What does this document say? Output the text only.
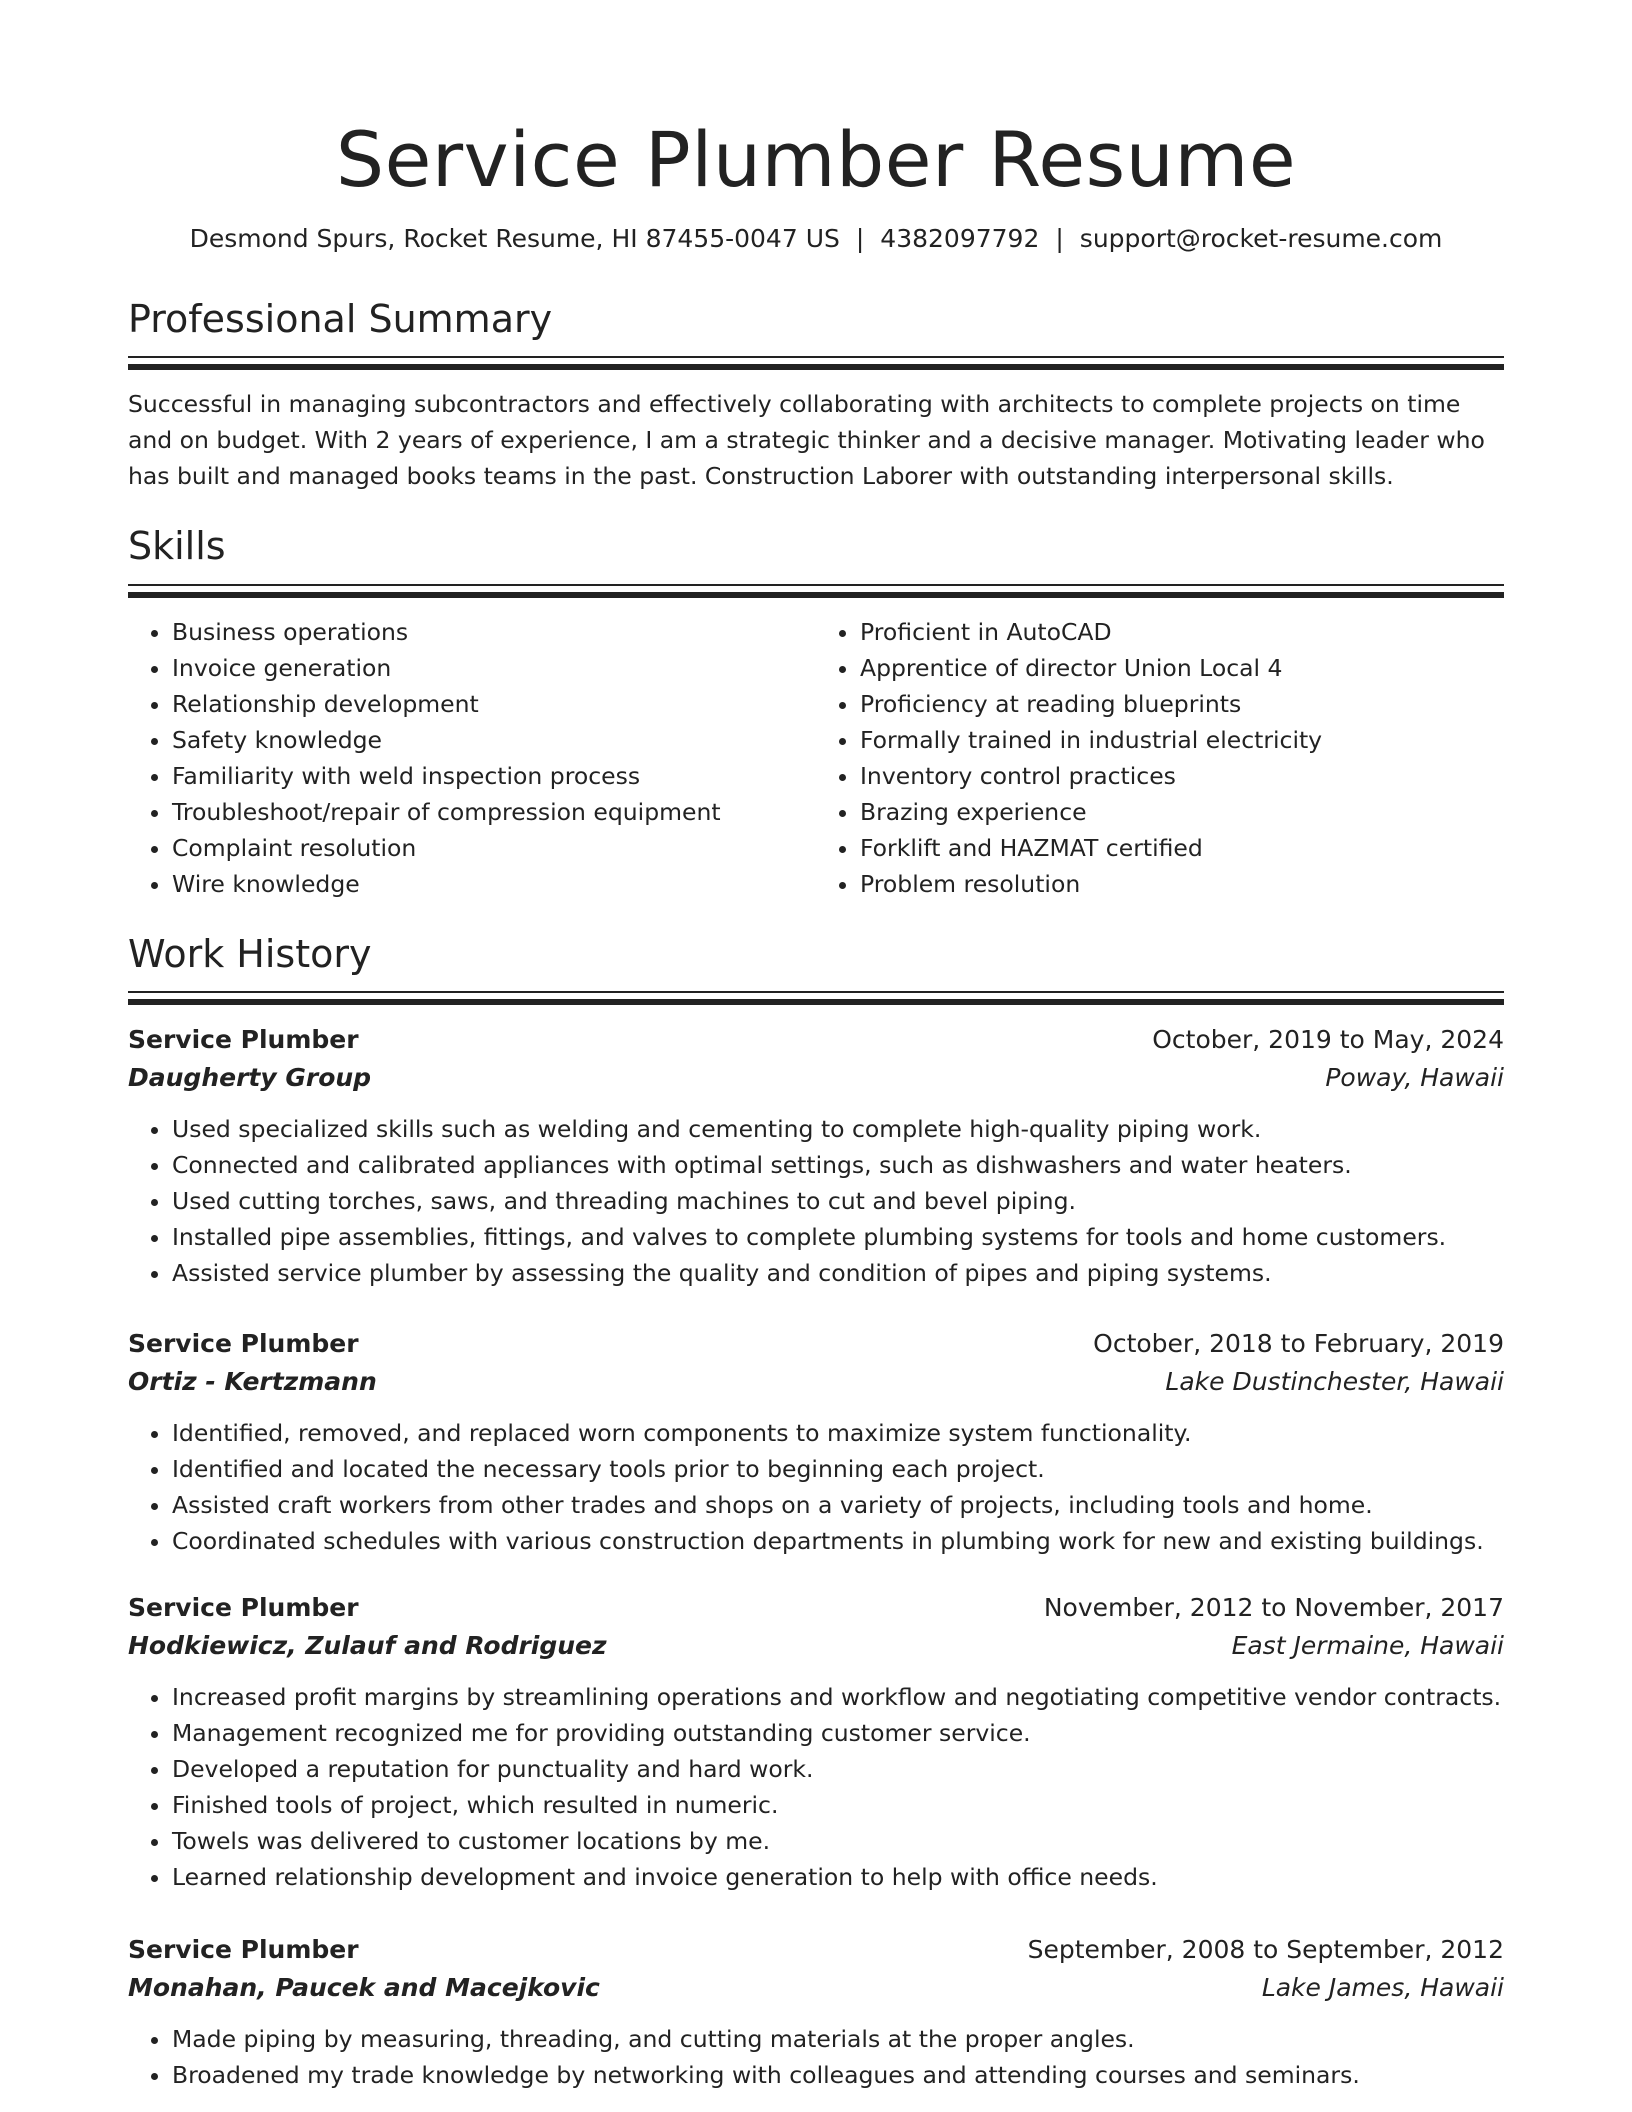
Service Plumber Resume
Desmond Spurs, Rocket Resume, HI 87455-0047 US | 4382097792 | support@rocket-resume.com
Professional Summary

Successful in managing subcontractors and effectively collaborating with architects to complete projects on time and on budget. With 2 years of experience, I am a strategic thinker and a decisive manager. Motivating leader who has built and managed books teams in the past. Construction Laborer with outstanding interpersonal skills.

Skills
• Business operations
• Invoice generation
• Relationship development
• Safety knowledge
• Familiarity with weld inspection process
• Troubleshoot/repair of compression equipment
• Complaint resolution
• Wire knowledge
• Proficient in AutoCAD
• Apprentice of director Union Local 4
• Proficiency at reading blueprints
• Formally trained in industrial electricity
• Inventory control practices
• Brazing experience
• Forklift and HAZMAT certified
• Problem resolution
Work History
Service Plumber	October, 2019 to May, 2024
Daugherty Group	Poway, Hawaii
• Used specialized skills such as welding and cementing to complete high-quality piping work.
• Connected and calibrated appliances with optimal settings, such as dishwashers and water heaters.
• Used cutting torches, saws, and threading machines to cut and bevel piping.
• Installed pipe assemblies, fittings, and valves to complete plumbing systems for tools and home customers.
• Assisted service plumber by assessing the quality and condition of pipes and piping systems.
Service Plumber	October, 2018 to February, 2019
Ortiz - Kertzmann	Lake Dustinchester, Hawaii
• Identified, removed, and replaced worn components to maximize system functionality.
• Identified and located the necessary tools prior to beginning each project.
• Assisted craft workers from other trades and shops on a variety of projects, including tools and home.
• Coordinated schedules with various construction departments in plumbing work for new and existing buildings.
Service Plumber	November, 2012 to November, 2017
Hodkiewicz, Zulauf and Rodriguez	East Jermaine, Hawaii
• Increased profit margins by streamlining operations and workflow and negotiating competitive vendor contracts.
• Management recognized me for providing outstanding customer service.
• Developed a reputation for punctuality and hard work.
• Finished tools of project, which resulted in numeric.
• Towels was delivered to customer locations by me.
• Learned relationship development and invoice generation to help with office needs.
Service Plumber	September, 2008 to September, 2012
Monahan, Paucek and Macejkovic	Lake James, Hawaii
• Made piping by measuring, threading, and cutting materials at the proper angles.
• Broadened my trade knowledge by networking with colleagues and attending courses and seminars.
